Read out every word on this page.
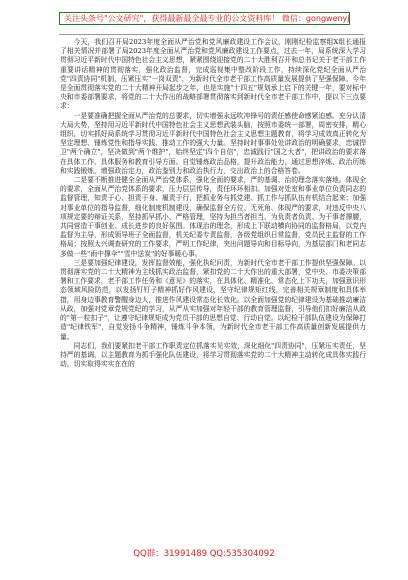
关注头条号"公文研究"，获得最新最全最专业的公文资料库！ 微信：gongwenyj

今天，我们召开局2023年度全面从严治党和党风廉政建设工作会议，刚刚纪检监察组X组长通报了相关情况并部署了局2023年度全面从严治党和党风廉政建设工作要点，过去一年，局系统深入学习贯彻习近平新时代中国特色社会主义思想，紧紧围绕迎接党的二十大胜利召开和总书记关于老干部工作重要讲话精神的贯彻落实，强化政治监督，完成巡视集中整改阶段工作，持续深化党纪全面从严治党"四责协同"机制，压紧压实"一岗双责"，为新时代全市老干部工作高质量发展提供了坚强保障。今年是全面贯彻落实党的二十大精神开局起步之年，也是实施"十四五"规划承上启下的关键一年，要对标中央和市委部署要求，将党的二十大作出的战略部署贯彻落实到新时代全市老干部工作中，提以下三点要求：

一是要准确把握全面从严治党的总要求，切实增强永远吹冲锋号的责任感使命感紧迫感。充分认清大局大势，坚持用习近平新时代中国特色社会主义思想武装头脑，按照市委统一部署，周密安排，精心组织，切实抓好局系统学习贯彻习近平新时代中国特色社会主义思想主题教育，将学习成效真正转化为坚定理想、锤炼党性和指导实践、推动工作的强大力量。坚持时时事事处处讲政治的明确要求，忠诚捍卫"两个确立"，坚决做到"两个维护"，始终坚定"四个自信"，忠诚践行"国之大者"，把讲政治的要求落在具体工作、具体服务和教育引导方面。自觉锤炼政治品格，提升政治能力，通过思想淬炼、政治历练和实践锻炼，增强政治定力，政治鉴别力和政治执行力，交出政治上的合格答卷。

二是要不断推进健全全面从严治党体系，强化全面的要求，严的基调、治的理念落实落地。体现全的要求，全面从严治党体系的要求，压力层层传导，责任环环相扣。加强对处室和事业单位负责同志的监督管理，知责于心、担责于身、履责于行，把抓业务与抓党建、抓工作与抓队伍有机结合起来；加强对事业单位的指导监督，细化制度机制建设，确保监督全方位、无死角、体现严的要求，对违反中央八项规定要的辩证关系，坚持抓早抓小、严格管理，坚持为担当者担当、为负责者负责、为干事者撑腰，共同营造干事创业、成长进步的良好氛围。体现治的理念，形成上下联动横向协同的监督格局，以党内监督为主导，形成领导班子全面监督，机关纪委专责监督，各级党组织日常监督，党员民主监督的工作格局；按照大兴调查研究的工作要求，严明工作纪律，突出问题导向和目标导向，为基层部门和老同志多做一些"雨中撑伞""雪中送炭"的好事暖心事。

三是要加强纪律建设，发挥监督效能，强化执纪问责，为新时代全市老干部工作提供坚强保障。以贯彻落实党的二十大精神为主线抓实政治监督，紧扣党的二十大作出的重大部署，党中央、市委决策部署和工作要求，老干部工作任务和《意见》的落实，在具体化、精准化、常态化上下功夫，加强意识形态领域风险防范，以发扬钉钉子精神抓好作风建设，坚守纪律规矩红线，完善相关规章制度和具体举措，用身边事教育警醒身边人，推进作风建设常态化长效化。以全面加强党的纪律建设为基础推动廉洁从政，加强对党章党规党纪的学习，从严从实加强对年轻干部的教育管理监督，引导他们扣好廉洁从政的"第一粒扣子"，让遵守纪律规矩成为党员干部的思想自觉、行动自觉。以纪检干部队伍建设为保障打造"纪律铁军"，自觉发扬斗争精神，锤炼斗争本领，为新时代全市老干部工作高质量创新发展提供力量。

同志们，我们要紧扣老干部工作职责定位抓落实见实效，深化细化"四责协同"，压紧压实责任，坚持严的基调，以主题教育为抓手强化队伍建设，将学习贯彻落实党的二十大精神主动转化成具体实践行动，切实取得实实在在的

QQ群：31991489 QQ:535304092
